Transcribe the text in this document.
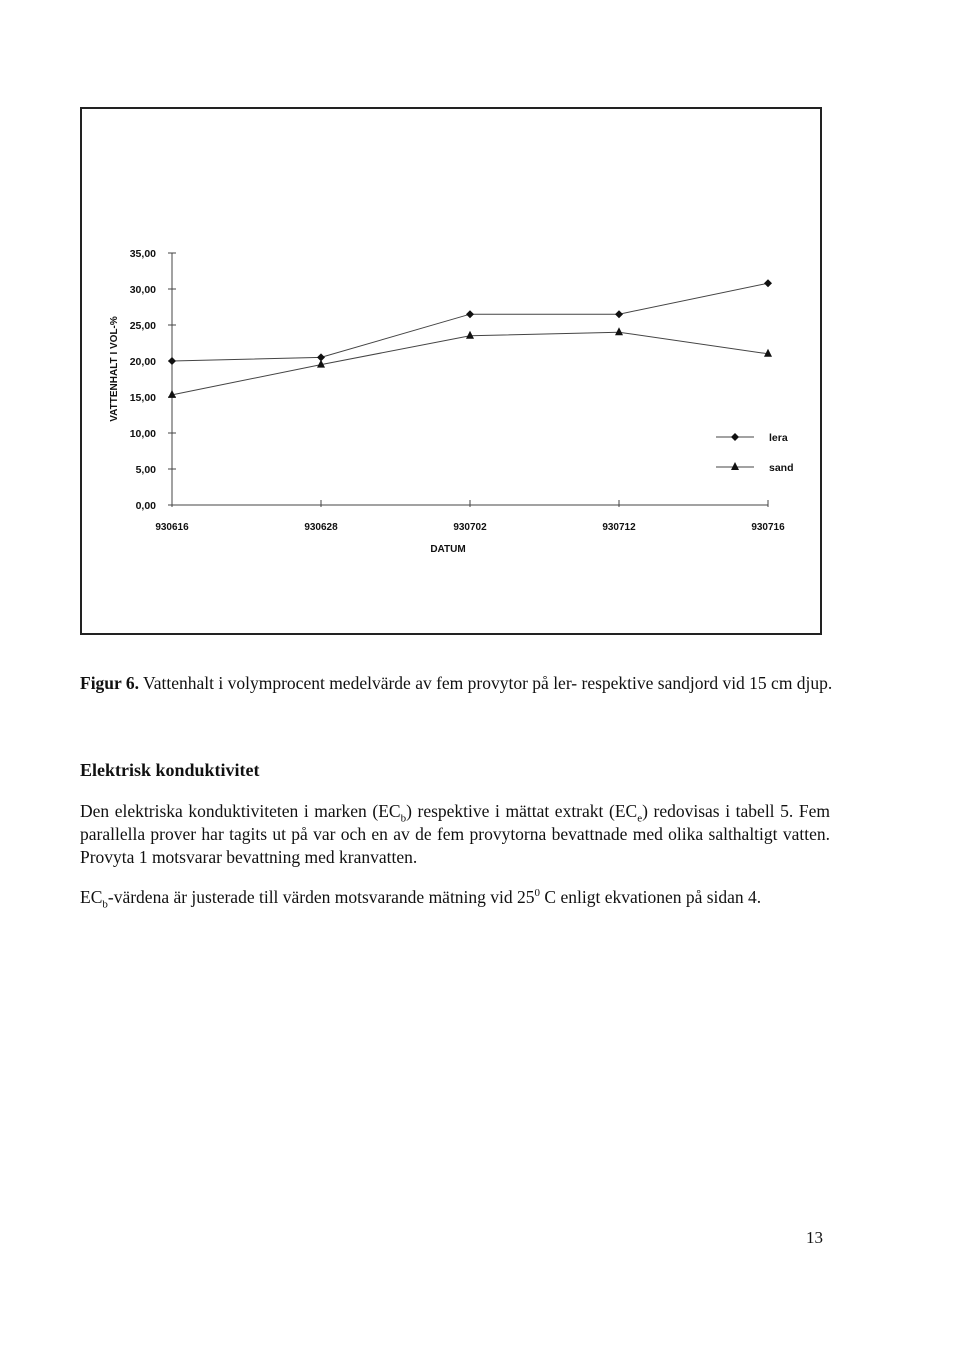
0,00
5,00
10,00
15,00
20,00
25,00
30,00
35,00
930616	930628	930702	930712	930716
DATUM
VATTENHALT I VOL-%
lera
sand
Figur 6. Vattenhalt i volymprocent medelvärde av fem provytor på ler- respektive sandjord vid 15 cm djup.
Elektrisk konduktivitet
Den elektriska konduktiviteten i marken $(EC_b)$ respektive i mättat extrakt $(EC_e)$ redovisas i tabell 5. Fem parallella prover har tagits ut på var och en av de fem provytorna bevattnade med olika salthaltigt vatten. Provyta 1 motsvarar bevattning med kranvatten.
$EC_b$-värdena är justerade till värden motsvarande mätning vid $25^0$ C enligt ekvationen på sidan 4.
13
